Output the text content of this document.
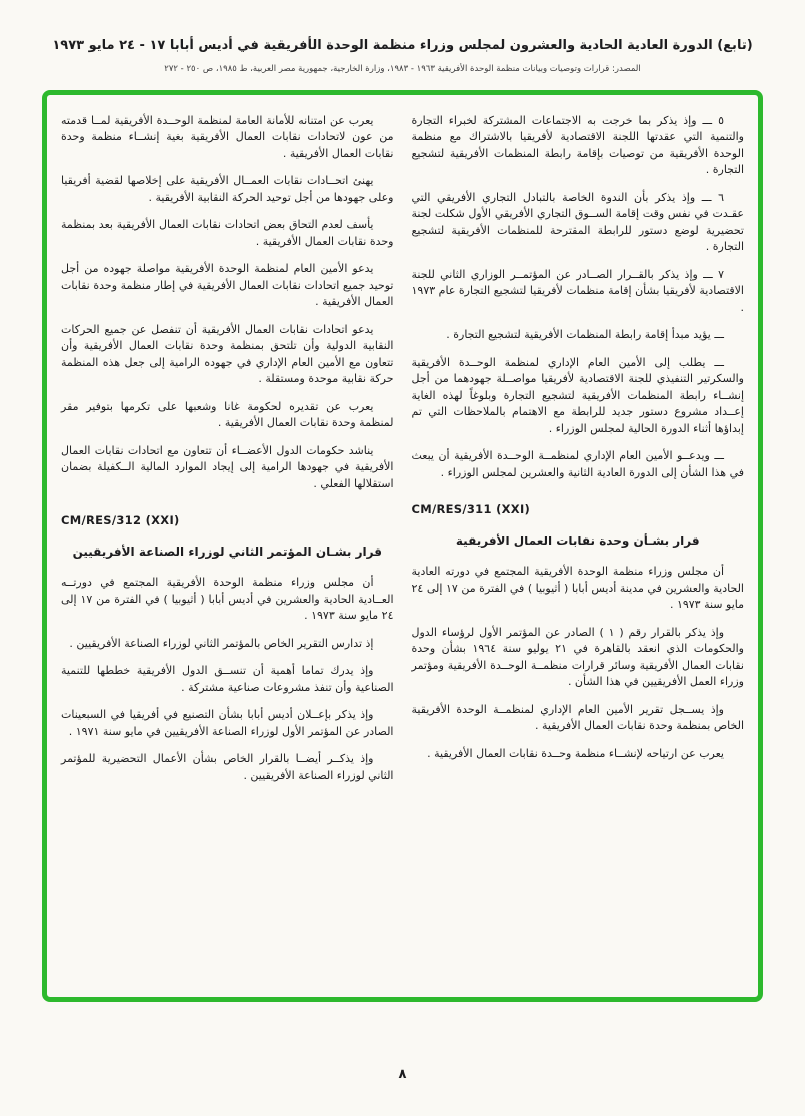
(تابع) الدورة العادية الحادية والعشرون لمجلس وزراء منظمة الوحدة الأفريقية في أديس أبابا ١٧ - ٢٤ مايو ١٩٧٣
المصدر: قرارات وتوصيات وبيانات منظمة الوحدة الأفريقية ١٩٦٣ - ١٩٨٣، وزارة الخارجية، جمهورية مصر العربية، ط ١٩٨٥، ص ٢٥٠ - ٢٧٢
٥ ـــ وإذ يذكر بما خرجت به الاجتماعات المشتركة لخبراء التجارة والتنمية التي عقدتها اللجنة الاقتصادية لأفريقيا بالاشتراك مع منظمة الوحدة الأفريقية من توصيات بإقامة رابطة المنظمات الأفريقية لتشجيع التجارة .
٦ ـــ وإذ يذكر بأن الندوة الخاصة بالتبادل التجاري الأفريقي التي عقـدت في نفس وقت إقامة الســوق التجاري الأفريقي الأول شكلت لجنة تحضيرية لوضع دستور للرابطة المقترحة للمنظمات الأفريقية لتشجيع التجارة .
٧ ـــ وإذ يذكر بالقــرار الصــادر عن المؤتمــر الوزاري الثاني للجنة الاقتصادية لأفريقيا بشأن إقامة منظمات لأفريقيا لتشجيع التجارة عام ١٩٧٣ .
ـــ يؤيد مبدأ إقامة رابطة المنظمات الأفريقية لتشجيع التجارة .
ـــ يطلب إلى الأمين العام الإداري لمنظمة الوحــدة الأفريقية والسكرتير التنفيذي للجنة الاقتصادية لأفريقيا مواصــلة جهودهما من أجل إنشــاء رابطة المنظمات الأفريقية لتشجيع التجارة وبلوغاً لهذه الغاية إعــداد مشروع دستور جديد للرابطة مع الاهتمام بالملاحظات التي تم إبداؤها أثناء الدورة الحالية لمجلس الوزراء .
ـــ ويدعــو الأمين العام الإداري لمنظمــة الوحــدة الأفريقية أن يبعث في هذا الشأن إلى الدورة العادية الثانية والعشرين لمجلس الوزراء .
CM/RES/311 (XXI)
قرار بشـأن وحدة نقابات العمال الأفريقية
أن مجلس وزراء منظمة الوحدة الأفريقية المجتمع في دورته العادية الحادية والعشرين في مدينة أديس أبابا ( أثيوبيا ) في الفترة من ١٧ إلى ٢٤ مايو سنة ١٩٧٣ .
وإذ يذكر بالقرار رقم ( ١ ) الصادر عن المؤتمر الأول لرؤساء الدول والحكومات الذي انعقد بالقاهرة في ٢١ يوليو سنة ١٩٦٤ بشأن وحدة نقابات العمال الأفريقية وسائر قرارات منظمــة الوحــدة الأفريقية ومؤتمر وزراء العمل الأفريقيين في هذا الشأن .
وإذ يســجل تقرير الأمين العام الإداري لمنظمــة الوحدة الأفريقية الخاص بمنظمة وحدة نقابات العمال الأفريقية .
يعرب عن ارتياحه لإنشــاء منظمة وحــدة نقابات العمال الأفريقية .
يعرب عن امتنانه للأمانة العامة لمنظمة الوحــدة الأفريقية لمــا قدمته من عون لاتحادات نقابات العمال الأفريقية بغية إنشــاء منظمة وحدة نقابات العمال الأفريقية .
يهنئ اتحــادات نقابات العمــال الأفريقية على إخلاصها لقضية أفريقيا وعلى جهودها من أجل توحيد الحركة النقابية الأفريقية .
يأسف لعدم التحاق بعض اتحادات نقابات العمال الأفريقية بعد بمنظمة وحدة نقابات العمال الأفريقية .
يدعو الأمين العام لمنظمة الوحدة الأفريقية مواصلة جهوده من أجل توحيد جميع اتحادات نقابات العمال الأفريقية في إطار منظمة وحدة نقابات العمال الأفريقية .
يدعو اتحادات نقابات العمال الأفريقية أن تنفصل عن جميع الحركات النقابية الدولية وأن تلتحق بمنظمة وحدة نقابات العمال الأفريقية وأن تتعاون مع الأمين العام الإداري في جهوده الرامية إلى جعل هذه المنظمة حركة نقابية موحدة ومستقلة .
يعرب عن تقديره لحكومة غانا وشعبها على تكرمها بتوفير مقر لمنظمة وحدة نقابات العمال الأفريقية .
يناشد حكومات الدول الأعضــاء أن تتعاون مع اتحادات نقابات العمال الأفريقية في جهودها الرامية إلى إيجاد الموارد المالية الــكفيلة بضمان استقلالها الفعلي .
CM/RES/312 (XXI)
قرار بشـان المؤتمر الثاني لوزراء الصناعة الأفريقيين
أن مجلس وزراء منظمة الوحدة الأفريقية المجتمع في دورتــه العــادية الحادية والعشرين في أديس أبابا ( أثيوبيا ) في الفترة من ١٧ إلى ٢٤ مايو سنة ١٩٧٣ .
إذ تدارس التقرير الخاص بالمؤتمر الثاني لوزراء الصناعة الأفريقيين .
وإذ يدرك تماما أهمية أن تنســق الدول الأفريقية خططها للتنمية الصناعية وأن تنفذ مشروعات صناعية مشتركة .
وإذ يذكر بإعــلان أديس أبابا بشأن التصنيع في أفريقيا في السبعينات الصادر عن المؤتمر الأول لوزراء الصناعة الأفريقيين في مايو سنة ١٩٧١ .
وإذ يذكــر أيضــا بالقرار الخاص بشأن الأعمال التحضيرية للمؤتمر الثاني لوزراء الصناعة الأفريقيين .
٨
